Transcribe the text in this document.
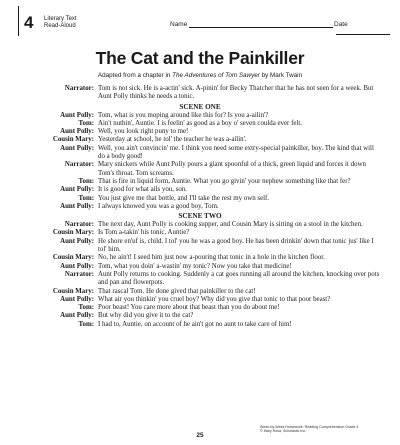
4 Literary Text
Read-Aloud	Name	Date
The Cat and the Painkiller
Adapted from a chapter in The Adventures of Tom Sawyer by Mark Twain
Narrator: Tom is not sick. He is a-actin' sick. A-pinin' for Becky Thatcher that he has not seen for a week. But Aunt Polly thinks he needs a tonic.
SCENE ONE
Aunt Polly: Tom, what is you moping around like this for? Is you a-ailin'?
Tom: Ain't nuthin', Auntie. I is feelin' as good as a boy o' seven coulda ever felt.
Aunt Polly: Well, you look right puny to me!
Cousin Mary: Yesterday at school, he tol' the teacher he was a-ailin'.
Aunt Polly: Well, you ain't convincin' me. I think you need some extry-special painkiller, boy. The kind that will do a body good!
Narrator: Mary snickers while Aunt Polly pours a giant spoonful of a thick, green liquid and forces it down Tom's throat. Tom screams.
Tom: That is fire in liquid form, Auntie. What you go givin' your nephew something like that fer?
Aunt Polly: It is good for what ails you, son.
Tom: You just give me that bottle, and I'll take the rest my own self.
Aunt Polly: I always knowed you was a good boy, Tom.
SCENE TWO
Narrator: The next day, Aunt Polly is cooking supper, and Cousin Mary is sitting on a stool in the kitchen.
Cousin Mary: Is Tom a-takin' his tonic, Auntie?
Aunt Polly: He shore en'uf is, child. I tol' you he was a good boy. He has been drinkin' down that tonic jus' like I tol' him.
Cousin Mary: No, he ain't! I seed him just now a-pouring that tonic in a hole in the kitchen floor.
Aunt Polly: Tom, what you doin' a-wastin' my tonic? Now you take that medicine!
Narrator: Aunt Polly returns to cooking. Suddenly a cat goes running all around the kitchen, knocking over pots and pan and flowerpots.
Cousin Mary: That rascal Tom. He done gived that painkiller to the cat!
Aunt Polly: What air you thinkin' you cruel boy? Why did you give that tonic to that poor beast?
Tom: Poor beast! You care more about that beast than you do about me!
Aunt Polly: But why did you give it to the cat?
Tom: I had to, Auntie, on account of he ain't got no aunt to take care of him!
Week-by-Week Homework: Reading Comprehension Grade 4
© Mary Rosa, Scholastic Inc.
25
